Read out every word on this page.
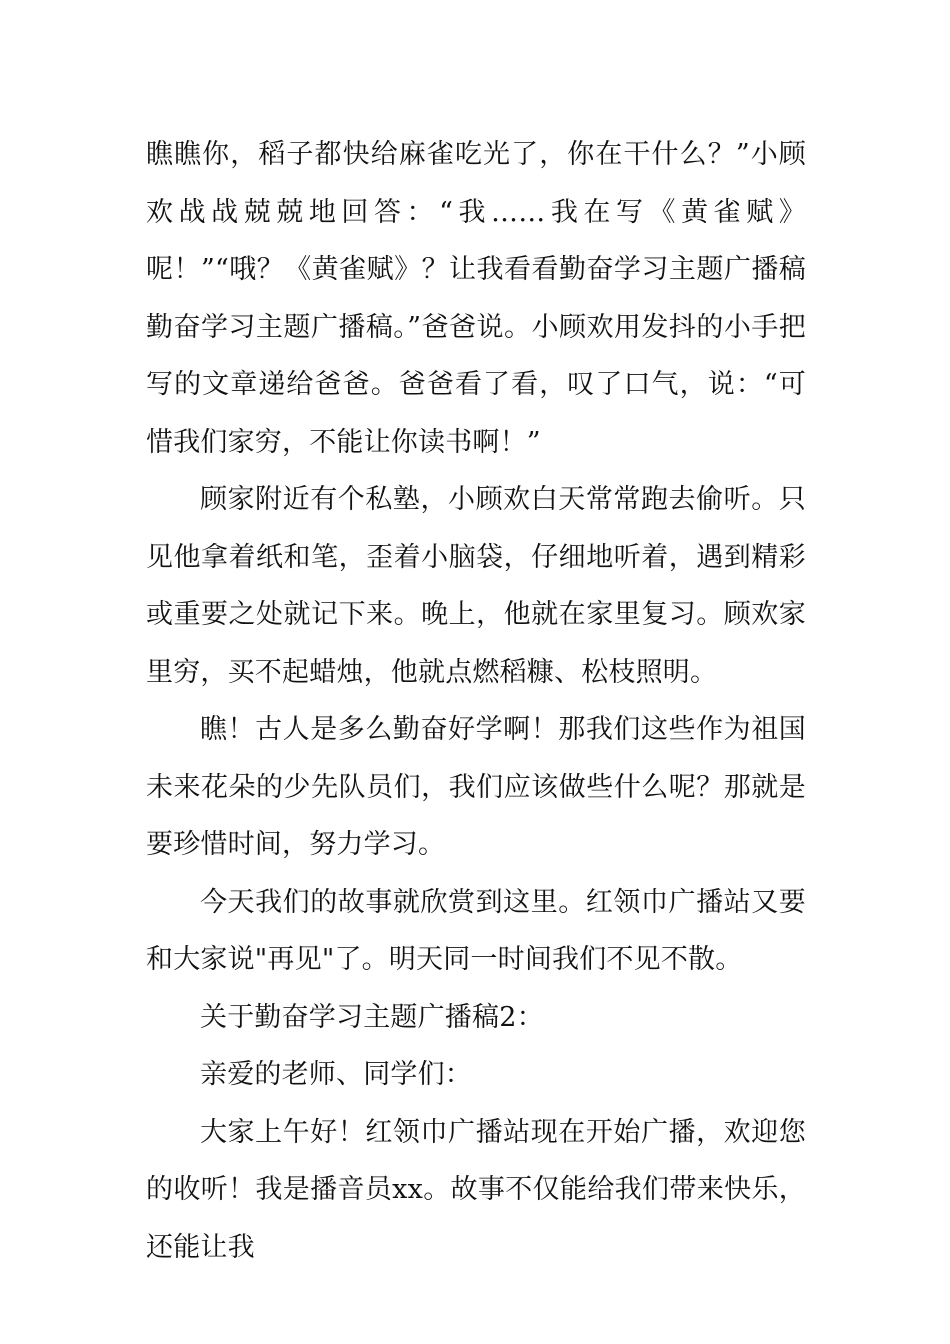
瞧瞧你，稻子都快给麻雀吃光了，你在干什么？”小顾欢战战兢兢地回答：“我……我在写《黄雀赋》呢！”“哦？《黄雀赋》？让我看看勤奋学习主题广播稿勤奋学习主题广播稿。”爸爸说。小顾欢用发抖的小手把写的文章递给爸爸。爸爸看了看，叹了口气，说：“可惜我们家穷，不能让你读书啊！”

顾家附近有个私塾，小顾欢白天常常跑去偷听。只见他拿着纸和笔，歪着小脑袋，仔细地听着，遇到精彩或重要之处就记下来。晚上，他就在家里复习。顾欢家里穷，买不起蜡烛，他就点燃稻糠、松枝照明。

瞧！古人是多么勤奋好学啊！那我们这些作为祖国未来花朵的少先队员们，我们应该做些什么呢？那就是要珍惜时间，努力学习。

今天我们的故事就欣赏到这里。红领巾广播站又要和大家说"再见"了。明天同一时间我们不见不散。

关于勤奋学习主题广播稿2：

亲爱的老师、同学们：

大家上午好！红领巾广播站现在开始广播，欢迎您的收听！我是播音员xx。故事不仅能给我们带来快乐，还能让我
